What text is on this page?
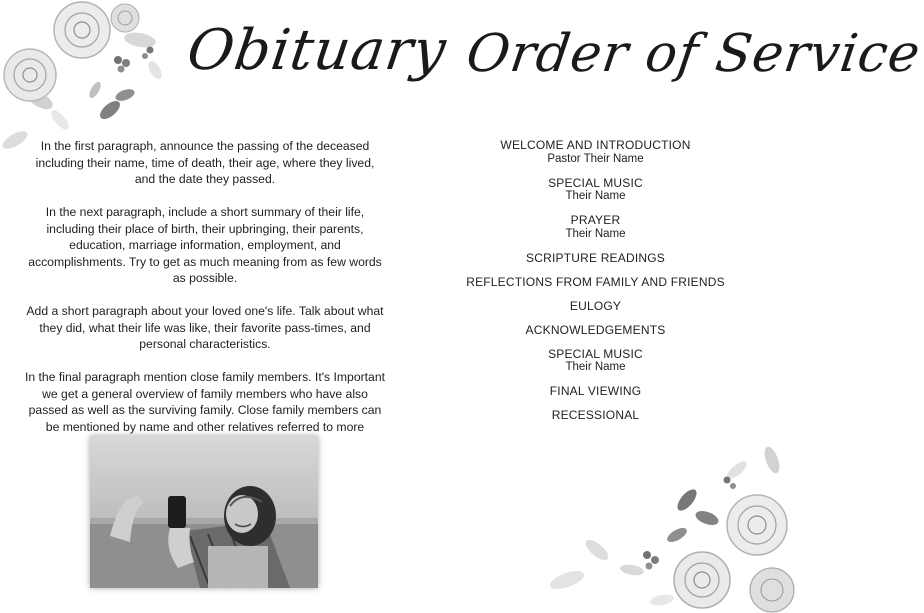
Obituary

In the first paragraph, announce the passing of the deceased including their name, time of death, their age, where they lived, and the date they passed.

In the next paragraph, include a short summary of their life, including their place of birth, their upbringing, their parents, education, marriage information, employment, and accomplishments. Try to get as much meaning from as few words as possible.

Add a short paragraph about your loved one's life. Talk about what they did, what their life was like, their favorite pass-times, and personal characteristics.

In the final paragraph mention close family members. It's Important we get a general overview of family members who have also passed as well as the surviving family. Close family members can be mentioned by name and other relatives referred to more

Order of Service
WELCOME AND INTRODUCTION
Pastor Their Name
SPECIAL MUSIC
Their Name
PRAYER
Their Name
SCRIPTURE READINGS
REFLECTIONS FROM FAMILY AND FRIENDS
EULOGY
ACKNOWLEDGEMENTS
SPECIAL MUSIC
Their Name
FINAL VIEWING
RECESSIONAL
